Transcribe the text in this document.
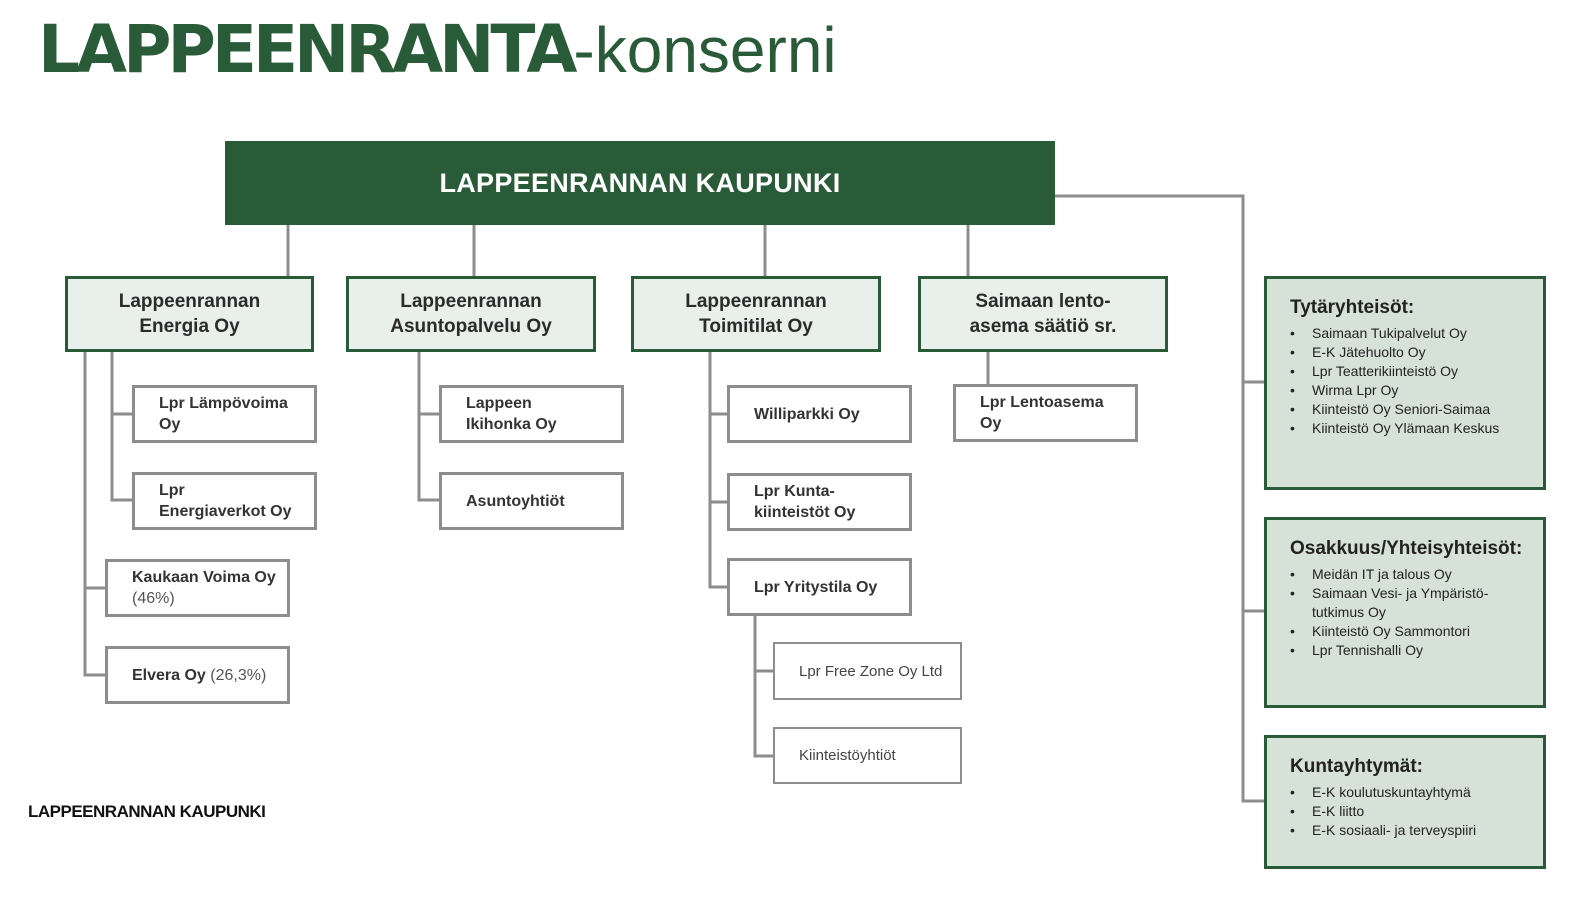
LAPPEENRANTA-konserni
LAPPEENRANNAN KAUPUNKI
Lappeenrannan
Energia Oy
Lappeenrannan
Asuntopalvelu Oy
Lappeenrannan
Toimitilat Oy
Saimaan lento-
asema säätiö sr.
Lpr Lämpövoima
Oy
Lpr
Energiaverkot Oy
Kaukaan Voima Oy
(46%)
Elvera Oy (26,3%)
Lappeen
Ikihonka Oy
Asuntoyhtiöt
Williparkki Oy
Lpr Kunta-
kiinteistöt Oy
Lpr Yritystila Oy
Lpr Free Zone Oy Ltd
Kiinteistöyhtiöt
Lpr Lentoasema
Oy
Tytäryhteisöt:
• Saimaan Tukipalvelut Oy
• E-K Jätehuolto Oy
• Lpr Teatterikiinteistö Oy
• Wirma Lpr Oy
• Kiinteistö Oy Seniori-Saimaa
• Kiinteistö Oy Ylämaan Keskus
Osakkuus/Yhteisyhteisöt:
• Meidän IT ja talous Oy
• Saimaan Vesi- ja Ympäristö-
tutkimus Oy
• Kiinteistö Oy Sammontori
• Lpr Tennishalli Oy
Kuntayhtymät:
• E-K koulutuskuntayhtymä
• E-K liitto
• E-K sosiaali- ja terveyspiiri
LAPPEENRANNAN KAUPUNKI
